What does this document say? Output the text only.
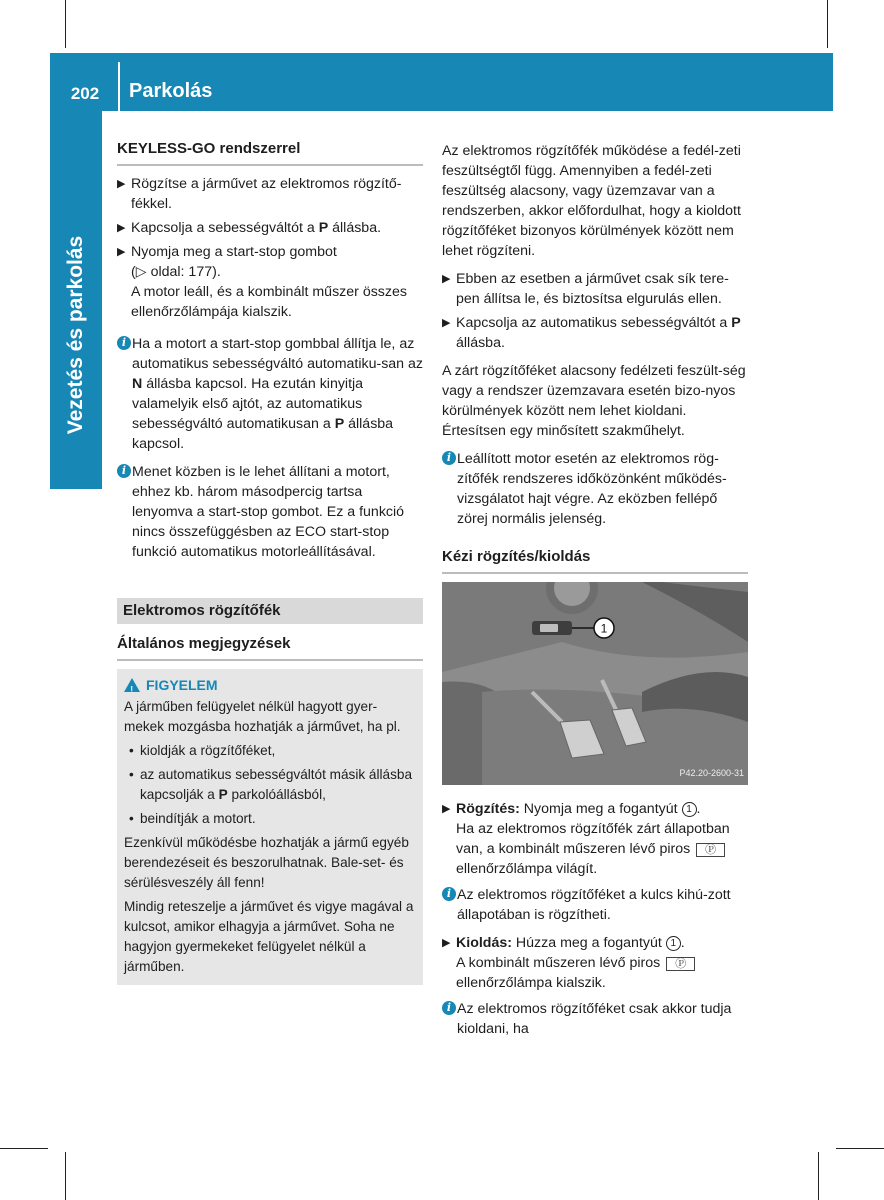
202	Parkolás
Vezetés és parkolás
KEYLESS-GO rendszerrel
▶ Rögzítse a járművet az elektromos rögzítő-fékkel.
▶ Kapcsolja a sebességváltót a P állásba.
▶ Nyomja meg a start-stop gombot
(▷ oldal: 177).
A motor leáll, és a kombinált műszer összes ellenőrzőlámpája kialszik.
i Ha a motort a start-stop gombbal állítja le, az automatikus sebességváltó automatiku-san az N állásba kapcsol. Ha ezután kinyitja valamelyik első ajtót, az automatikus sebességváltó automatikusan a P állásba kapcsol.
i Menet közben is le lehet állítani a motort, ehhez kb. három másodpercig tartsa lenyomva a start-stop gombot. Ez a funkció nincs összefüggésben az ECO start-stop funkció automatikus motorleállításával.
Elektromos rögzítőfék
Általános megjegyzések
!FIGYELEM
A járműben felügyelet nélkül hagyott gyer-mekek mozgásba hozhatják a járművet, ha pl.
• kioldják a rögzítőféket,
• az automatikus sebességváltót másik állásba kapcsolják a P parkolóállásból,
• beindítják a motort.
Ezenkívül működésbe hozhatják a jármű egyéb berendezéseit és beszorulhatnak. Bale-set- és sérülésveszély áll fenn!
Mindig reteszelje a járművet és vigye magával a kulcsot, amikor elhagyja a járművet. Soha ne hagyjon gyermekeket felügyelet nélkül a járműben.
Az elektromos rögzítőfék működése a fedél-zeti feszültségtől függ. Amennyiben a fedél-zeti feszültség alacsony, vagy üzemzavar van a rendszerben, akkor előfordulhat, hogy a kioldott rögzítőféket bizonyos körülmények között nem lehet rögzíteni.
▶ Ebben az esetben a járművet csak sík tere-pen állítsa le, és biztosítsa elgurulás ellen.
▶ Kapcsolja az automatikus sebességváltót a P állásba.
A zárt rögzítőféket alacsony fedélzeti feszült-ség vagy a rendszer üzemzavara esetén bizo-nyos körülmények között nem lehet kioldani. Értesítsen egy minősített szakműhelyt.
i Leállított motor esetén az elektromos rög-zítőfék rendszeres időközönként működés-vizsgálatot hajt végre. Az eközben fellépő zörej normális jelenség.
Kézi rögzítés/kioldás
1
P42.20-2600-31
▶ Rögzítés: Nyomja meg a fogantyút 1 .
Ha az elektromos rögzítőfék zárt állapotban van, a kombinált műszeren lévő piros Ⓟ ellenőrzőlámpa világít.
i Az elektromos rögzítőféket a kulcs kihú-zott állapotában is rögzítheti.
▶ Kioldás: Húzza meg a fogantyút 1 .
A kombinált műszeren lévő piros Ⓟ ellenőrzőlámpa kialszik.
i Az elektromos rögzítőféket csak akkor tudja kioldani, ha
